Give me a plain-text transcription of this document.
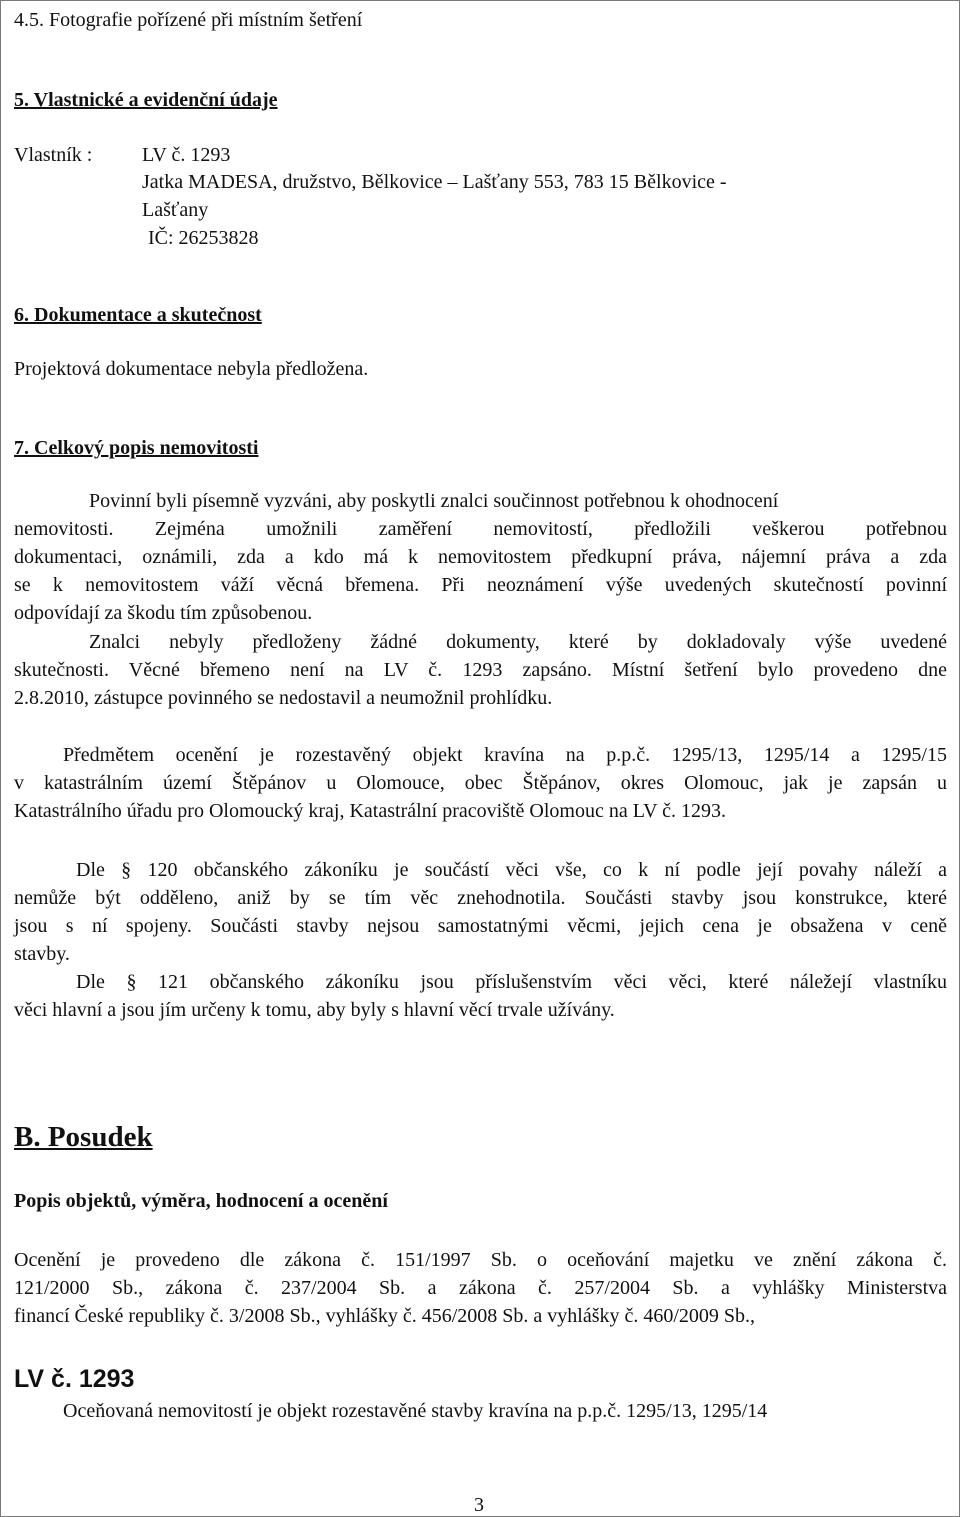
4.5. Fotografie pořízené při místním šetření
5. Vlastnické a evidenční údaje
Vlastník : LV č. 1293
Jatka MADESA, družstvo, Bělkovice – Lašťany 553, 783 15 Bělkovice -
Lašťany
IČ: 26253828
6. Dokumentace a skutečnost
Projektová dokumentace nebyla předložena.
7. Celkový popis nemovitosti
Povinní byli písemně vyzváni, aby poskytli znalci součinnost potřebnou k ohodnocení
nemovitosti. Zejména umožnili zaměření nemovitostí, předložili veškerou potřebnou
dokumentaci, oznámili, zda a kdo má k nemovitostem předkupní práva, nájemní práva a zda
se k nemovitostem váží věcná břemena. Při neoznámení výše uvedených skutečností povinní
odpovídají za škodu tím způsobenou.
Znalci nebyly předloženy žádné dokumenty, které by dokladovaly výše uvedené
skutečnosti. Věcné břemeno není na LV č. 1293 zapsáno. Místní šetření bylo provedeno dne
2.8.2010, zástupce povinného se nedostavil a neumožnil prohlídku.
Předmětem ocenění je rozestavěný objekt kravína na p.p.č. 1295/13, 1295/14 a 1295/15
v katastrálním území Štěpánov u Olomouce, obec Štěpánov, okres Olomouc, jak je zapsán u
Katastrálního úřadu pro Olomoucký kraj, Katastrální pracoviště Olomouc na LV č. 1293.
Dle § 120 občanského zákoníku je součástí věci vše, co k ní podle její povahy náleží a
nemůže být odděleno, aniž by se tím věc znehodnotila. Součásti stavby jsou konstrukce, které
jsou s ní spojeny. Součásti stavby nejsou samostatnými věcmi, jejich cena je obsažena v ceně
stavby.
Dle § 121 občanského zákoníku jsou příslušenstvím věci věci, které náležejí vlastníku
věci hlavní a jsou jím určeny k tomu, aby byly s hlavní věcí trvale užívány.
B. Posudek
Popis objektů, výměra, hodnocení a ocenění
Ocenění je provedeno dle zákona č. 151/1997 Sb. o oceňování majetku ve znění zákona č.
121/2000 Sb., zákona č. 237/2004 Sb. a zákona č. 257/2004 Sb. a vyhlášky Ministerstva
financí České republiky č. 3/2008 Sb., vyhlášky č. 456/2008 Sb. a vyhlášky č. 460/2009 Sb.,
LV č. 1293
Oceňovaná nemovitostí je objekt rozestavěné stavby kravína na p.p.č. 1295/13, 1295/14
3
